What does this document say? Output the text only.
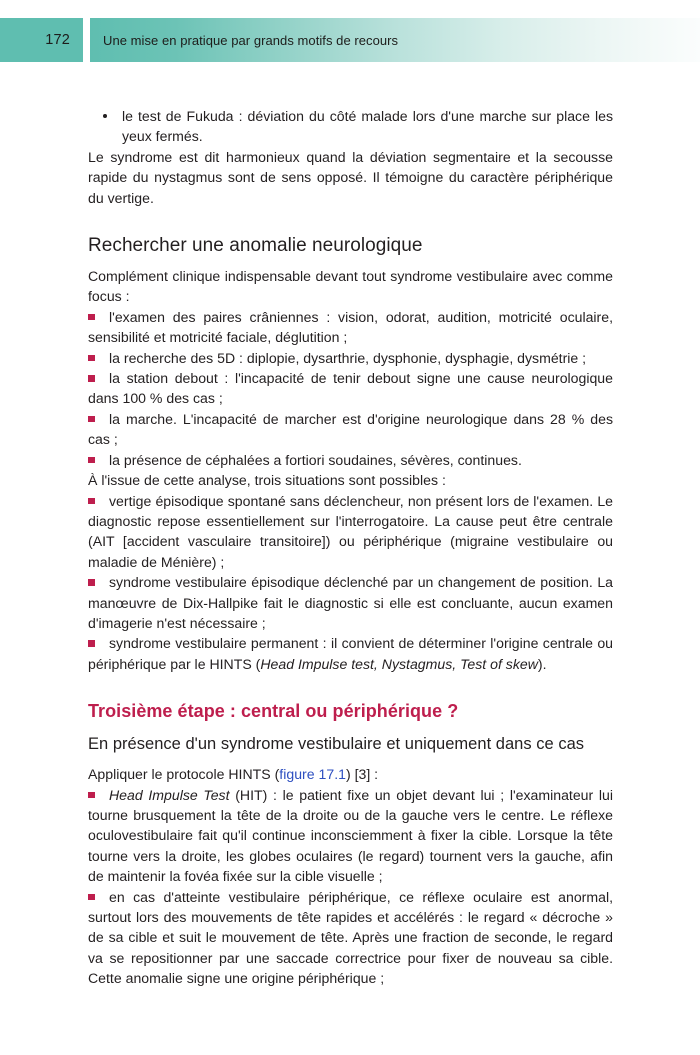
172	Une mise en pratique par grands motifs de recours
le test de Fukuda : déviation du côté malade lors d'une marche sur place les yeux fermés.

Le syndrome est dit harmonieux quand la déviation segmentaire et la secousse rapide du nystagmus sont de sens opposé. Il témoigne du caractère périphérique du vertige.

Rechercher une anomalie neurologique

Complément clinique indispensable devant tout syndrome vestibulaire avec comme focus :

l'examen des paires crâniennes : vision, odorat, audition, motricité oculaire, sensibilité et motricité faciale, déglutition ;
la recherche des 5D : diplopie, dysarthrie, dysphonie, dysphagie, dysmétrie ;
la station debout : l'incapacité de tenir debout signe une cause neurologique dans 100 % des cas ;
la marche. L'incapacité de marcher est d'origine neurologique dans 28 % des cas ;
la présence de céphalées a fortiori soudaines, sévères, continues.

À l'issue de cette analyse, trois situations sont possibles :

vertige épisodique spontané sans déclencheur, non présent lors de l'examen. Le diagnostic repose essentiellement sur l'interrogatoire. La cause peut être centrale (AIT [accident vasculaire transitoire]) ou périphérique (migraine vestibulaire ou maladie de Ménière) ;
syndrome vestibulaire épisodique déclenché par un changement de position. La manœuvre de Dix-Hallpike fait le diagnostic si elle est concluante, aucun examen d'imagerie n'est nécessaire ;
syndrome vestibulaire permanent : il convient de déterminer l'origine centrale ou périphérique par le HINTS (Head Impulse test, Nystagmus, Test of skew).
Troisième étape : central ou périphérique ?
En présence d'un syndrome vestibulaire et uniquement dans ce cas

Appliquer le protocole HINTS (figure 17.1) [3] :

Head Impulse Test (HIT) : le patient fixe un objet devant lui ; l'examinateur lui tourne brusquement la tête de la droite ou de la gauche vers le centre. Le réflexe oculovestibulaire fait qu'il continue inconsciemment à fixer la cible. Lorsque la tête tourne vers la droite, les globes oculaires (le regard) tournent vers la gauche, afin de maintenir la fovéa fixée sur la cible visuelle ;
en cas d'atteinte vestibulaire périphérique, ce réflexe oculaire est anormal, surtout lors des mouvements de tête rapides et accélérés : le regard « décroche » de sa cible et suit le mouvement de tête. Après une fraction de seconde, le regard va se repositionner par une saccade correctrice pour fixer de nouveau sa cible. Cette anomalie signe une origine périphérique ;
